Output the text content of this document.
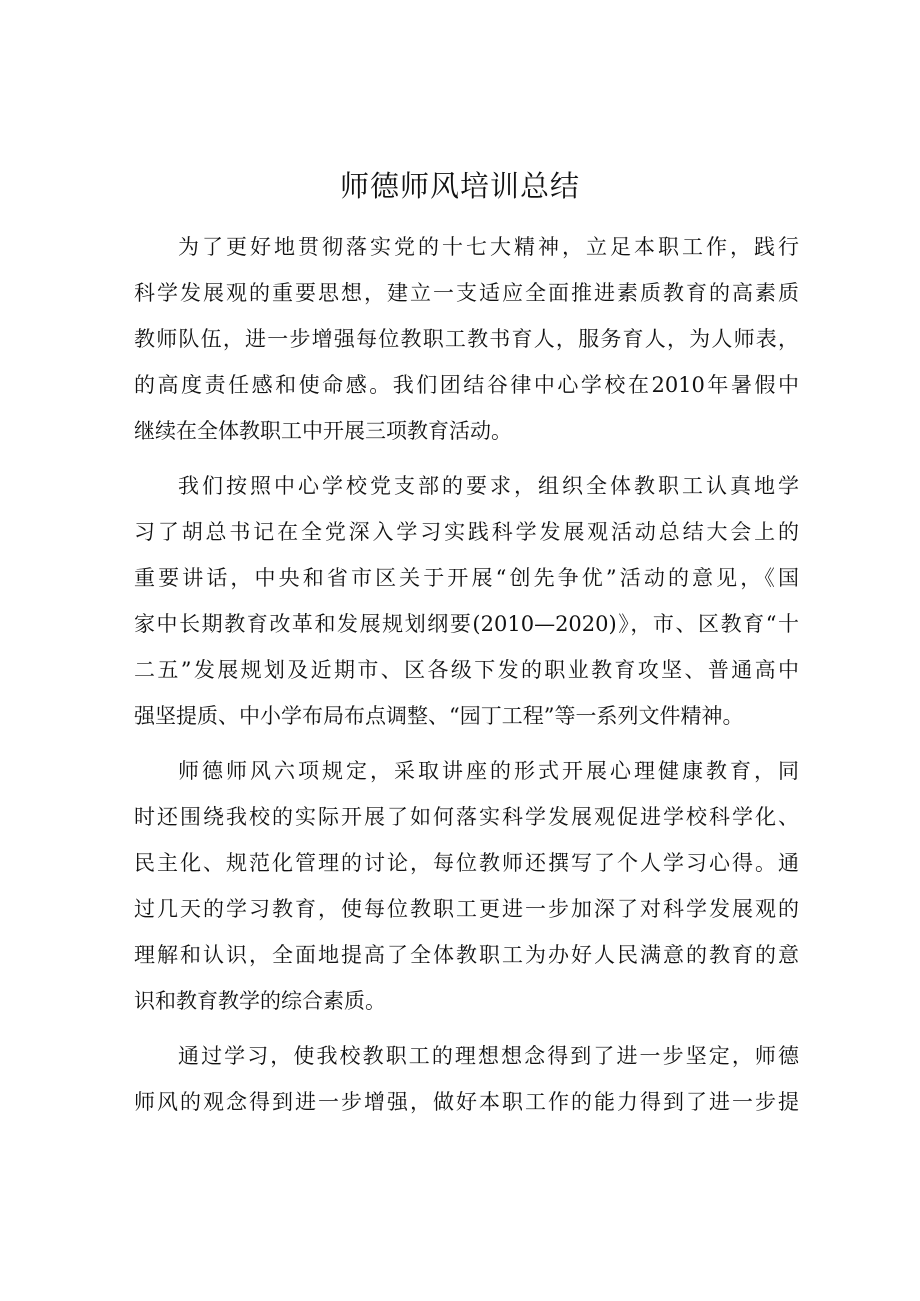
师德师风培训总结
为了更好地贯彻落实党的十七大精神，立足本职工作，践行
科学发展观的重要思想，建立一支适应全面推进素质教育的高素质
教师队伍，进一步增强每位教职工教书育人，服务育人，为人师表，
的高度责任感和使命感。我们团结谷律中心学校在2010年暑假中
继续在全体教职工中开展三项教育活动。
我们按照中心学校党支部的要求，组织全体教职工认真地学
习了胡总书记在全党深入学习实践科学发展观活动总结大会上的
重要讲话，中央和省市区关于开展“创先争优”活动的意见，《国
家中长期教育改革和发展规划纲要(2010—2020)》，市、区教育“十
二五”发展规划及近期市、区各级下发的职业教育攻坚、普通高中
强坚提质、中小学布局布点调整、“园丁工程”等一系列文件精神。
师德师风六项规定，采取讲座的形式开展心理健康教育，同
时还围绕我校的实际开展了如何落实科学发展观促进学校科学化、
民主化、规范化管理的讨论，每位教师还撰写了个人学习心得。通
过几天的学习教育，使每位教职工更进一步加深了对科学发展观的
理解和认识，全面地提高了全体教职工为办好人民满意的教育的意
识和教育教学的综合素质。
通过学习，使我校教职工的理想想念得到了进一步坚定，师德
师风的观念得到进一步增强，做好本职工作的能力得到了进一步提
